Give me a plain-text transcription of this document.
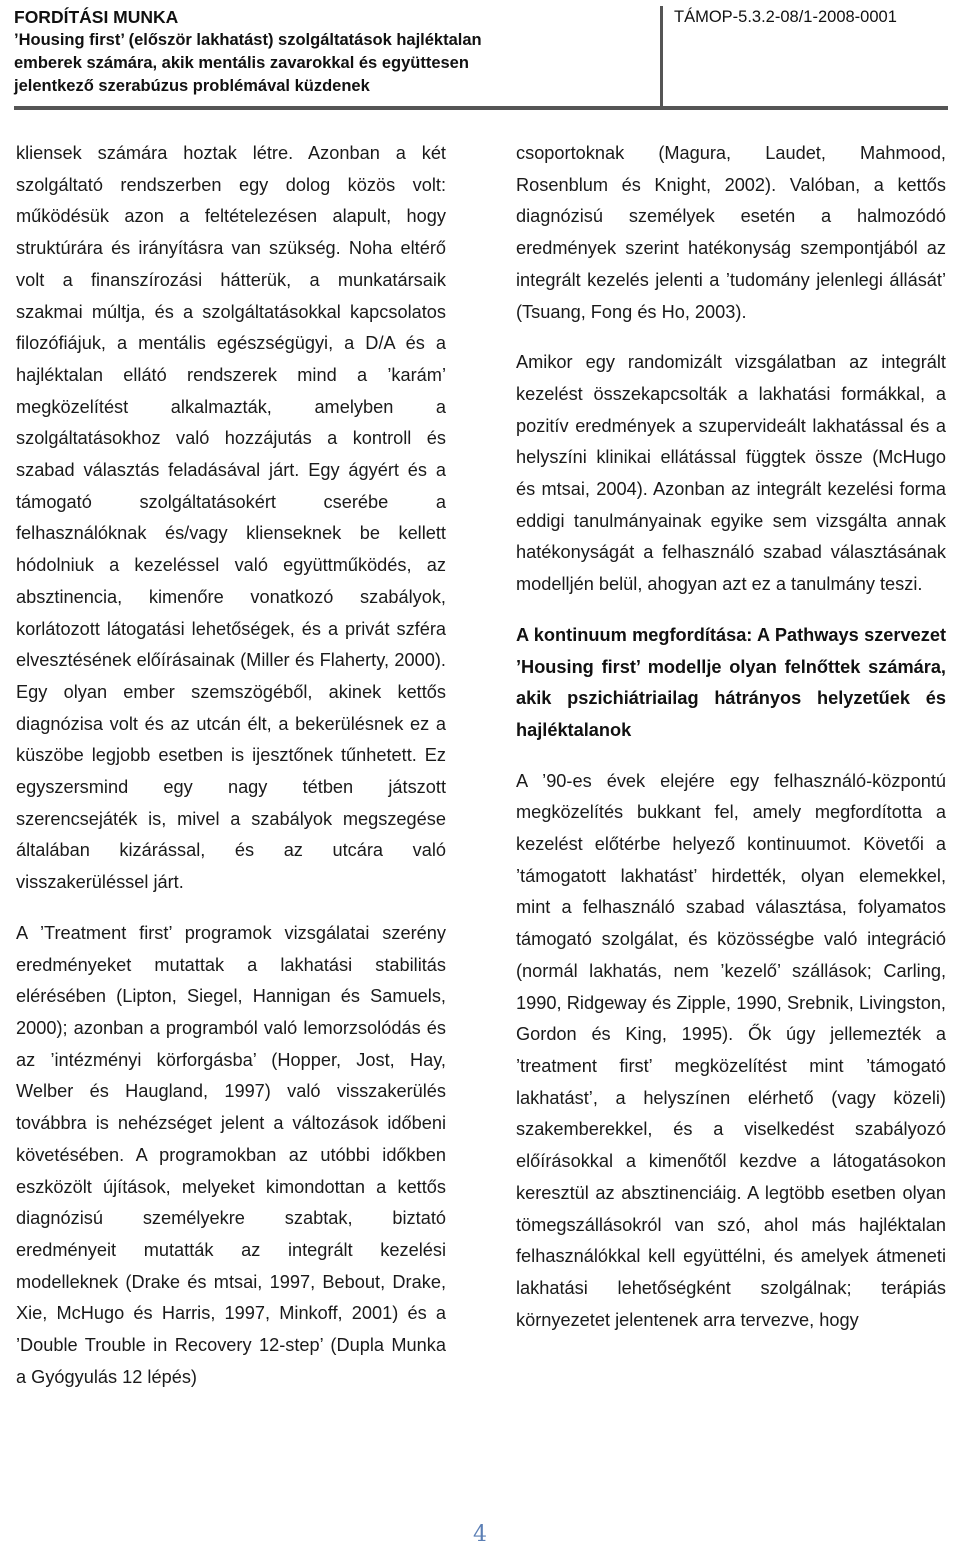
FORDÍTÁSI MUNKA
’Housing first’ (először lakhatást) szolgáltatások hajléktalan
emberek számára, akik mentális zavarokkal és együttesen
jelentkező szerabúzus problémával küzdenek
TÁMOP-5.3.2-08/1-2008-0001

kliensek számára hoztak létre. Azonban a két szolgáltató rendszerben egy dolog közös volt: működésük azon a feltételezésen alapult, hogy struktúrára és irányításra van szükség. Noha eltérő volt a finanszírozási hátterük, a munkatársaik szakmai múltja, és a szolgáltatásokkal kapcsolatos filozófiájuk, a mentális egészségügyi, a D/A és a hajléktalan ellátó rendszerek mind a ’karám’ megközelítést alkalmazták, amelyben a szolgáltatásokhoz való hozzájutás a kontroll és szabad választás feladásával járt. Egy ágyért és a támogató szolgáltatásokért cserébe a felhasználóknak és/vagy klienseknek be kellett hódolniuk a kezeléssel való együttműködés, az absztinencia, kimenőre vonatkozó szabályok, korlátozott látogatási lehetőségek, és a privát szféra elvesztésének előírásainak (Miller és Flaherty, 2000). Egy olyan ember szemszögéből, akinek kettős diagnózisa volt és az utcán élt, a bekerülésnek ez a küszöbe legjobb esetben is ijesztőnek tűnhetett. Ez egyszersmind egy nagy tétben játszott szerencsejáték is, mivel a szabályok megszegése általában kizárással, és az utcára való visszakerüléssel járt.

A ’Treatment first’ programok vizsgálatai szerény eredményeket mutattak a lakhatási stabilitás elérésében (Lipton, Siegel, Hannigan és Samuels, 2000); azonban a programból való lemorzsolódás és az ’intézményi körforgásba’ (Hopper, Jost, Hay, Welber és Haugland, 1997) való visszakerülés továbbra is nehézséget jelent a változások időbeni követésében. A programokban az utóbbi időkben eszközölt újítások, melyeket kimondottan a kettős diagnózisú személyekre szabtak, biztató eredményeit mutatták az integrált kezelési modelleknek (Drake és mtsai, 1997, Bebout, Drake, Xie, McHugo és Harris, 1997, Minkoff, 2001) és a ’Double Trouble in Recovery 12-step’ (Dupla Munka a Gyógyulás 12 lépés)

csoportoknak (Magura, Laudet, Mahmood, Rosenblum és Knight, 2002). Valóban, a kettős diagnózisú személyek esetén a halmozódó eredmények szerint hatékonyság szempontjából az integrált kezelés jelenti a ’tudomány jelenlegi állását’ (Tsuang, Fong és Ho, 2003).

Amikor egy randomizált vizsgálatban az integrált kezelést összekapcsolták a lakhatási formákkal, a pozitív eredmények a szupervideált lakhatással és a helyszíni klinikai ellátással függtek össze (McHugo és mtsai, 2004). Azonban az integrált kezelési forma eddigi tanulmányainak egyike sem vizsgálta annak hatékonyságát a felhasználó szabad választásának modelljén belül, ahogyan azt ez a tanulmány teszi.

A kontinuum megfordítása: A Pathways szervezet ’Housing first’ modellje olyan felnőttek számára, akik pszichiátriailag hátrányos helyzetűek és hajléktalanok

A ’90-es évek elejére egy felhasználó-központú megközelítés bukkant fel, amely megfordította a kezelést előtérbe helyező kontinuumot. Követői a ’támogatott lakhatást’ hirdették, olyan elemekkel, mint a felhasználó szabad választása, folyamatos támogató szolgálat, és közösségbe való integráció (normál lakhatás, nem ’kezelő’ szállások; Carling, 1990, Ridgeway és Zipple, 1990, Srebnik, Livingston, Gordon és King, 1995). Ők úgy jellemezték a ’treatment first’ megközelítést mint ’támogató lakhatást’, a helyszínen elérhető (vagy közeli) szakemberekkel, és a viselkedést szabályozó előírásokkal a kimenőtől kezdve a látogatásokon keresztül az absztinenciáig. A legtöbb esetben olyan tömegszállásokról van szó, ahol más hajléktalan felhasználókkal kell együttélni, és amelyek átmeneti lakhatási lehetőségként szolgálnak; terápiás környezetet jelentenek arra tervezve, hogy

4
